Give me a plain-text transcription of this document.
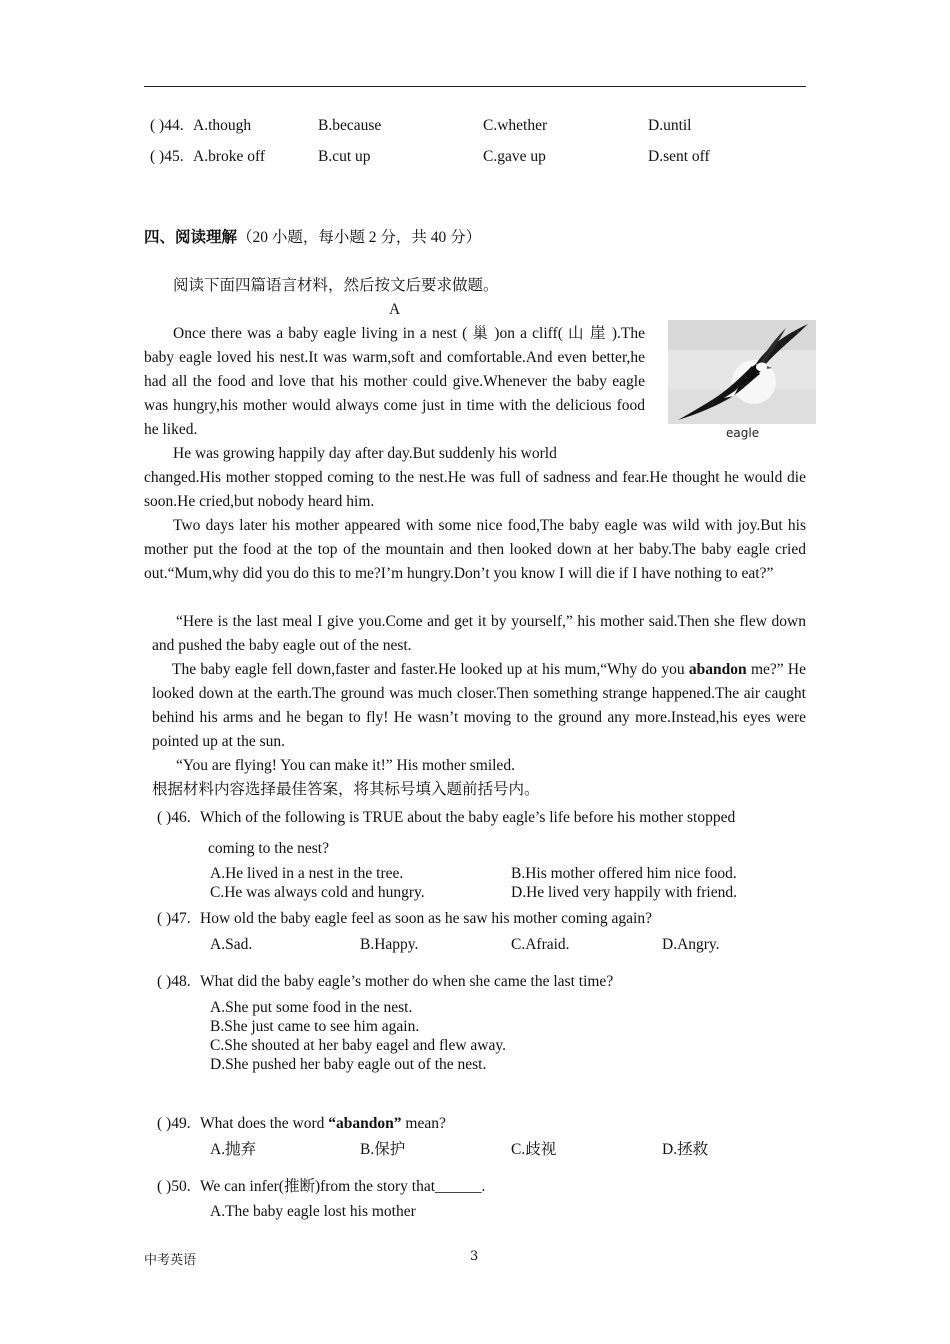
( )44. A.though	B.because	C.whether	D.until
( )45. A.broke off	B.cut up	C.gave up	D.sent off
四、阅读理解（20 小题，每小题 2 分，共 40 分）
阅读下面四篇语言材料，然后按文后要求做题。
A
Once there was a baby eagle living in a nest ( 巢 )on a cliff( 山 崖 ).The baby eagle loved his nest.It was warm,soft and comfortable.And even better,he had all the food and love that his mother could give.Whenever the baby eagle was hungry,his mother would always come just in time with the delicious food he liked.	eagle
He was growing happily day after day.But suddenly his world
changed.His mother stopped coming to the nest.He was full of sadness and fear.He thought he would die soon.He cried,but nobody heard him.
Two days later his mother appeared with some nice food,The baby eagle was wild with joy.But his mother put the food at the top of the mountain and then looked down at her baby.The baby eagle cried out.“Mum,why did you do this to me?I’m hungry.Don’t you know I will die if I have nothing to eat?”
“Here is the last meal I give you.Come and get it by yourself,” his mother said.Then she flew down and pushed the baby eagle out of the nest.
The baby eagle fell down,faster and faster.He looked up at his mum,“Why do you abandon me?” He looked down at the earth.The ground was much closer.Then something strange happened.The air caught behind his arms and he began to fly! He wasn’t moving to the ground any more.Instead,his eyes were pointed up at the sun.
“You are flying! You can make it!” His mother smiled.
根据材料内容选择最佳答案，将其标号填入题前括号内。
( )46. Which of the following is TRUE about the baby eagle’s life before his mother stopped
coming to the nest?
A.He lived in a nest in the tree.	B.His mother offered him nice food.
C.He was always cold and hungry.	D.He lived very happily with friend.
( )47. How old the baby eagle feel as soon as he saw his mother coming again?
A.Sad.	B.Happy.	C.Afraid.	D.Angry.
( )48. What did the baby eagle’s mother do when she came the last time?
A.She put some food in the nest.
B.She just came to see him again.
C.She shouted at her baby eagel and flew away.
D.She pushed her baby eagle out of the nest.
( )49. What does the word “abandon” mean?
A.抛弃	B.保护	C.歧视	D.拯救
( )50. We can infer(推断)from the story that______.
A.The baby eagle lost his mother
中考英语	3
